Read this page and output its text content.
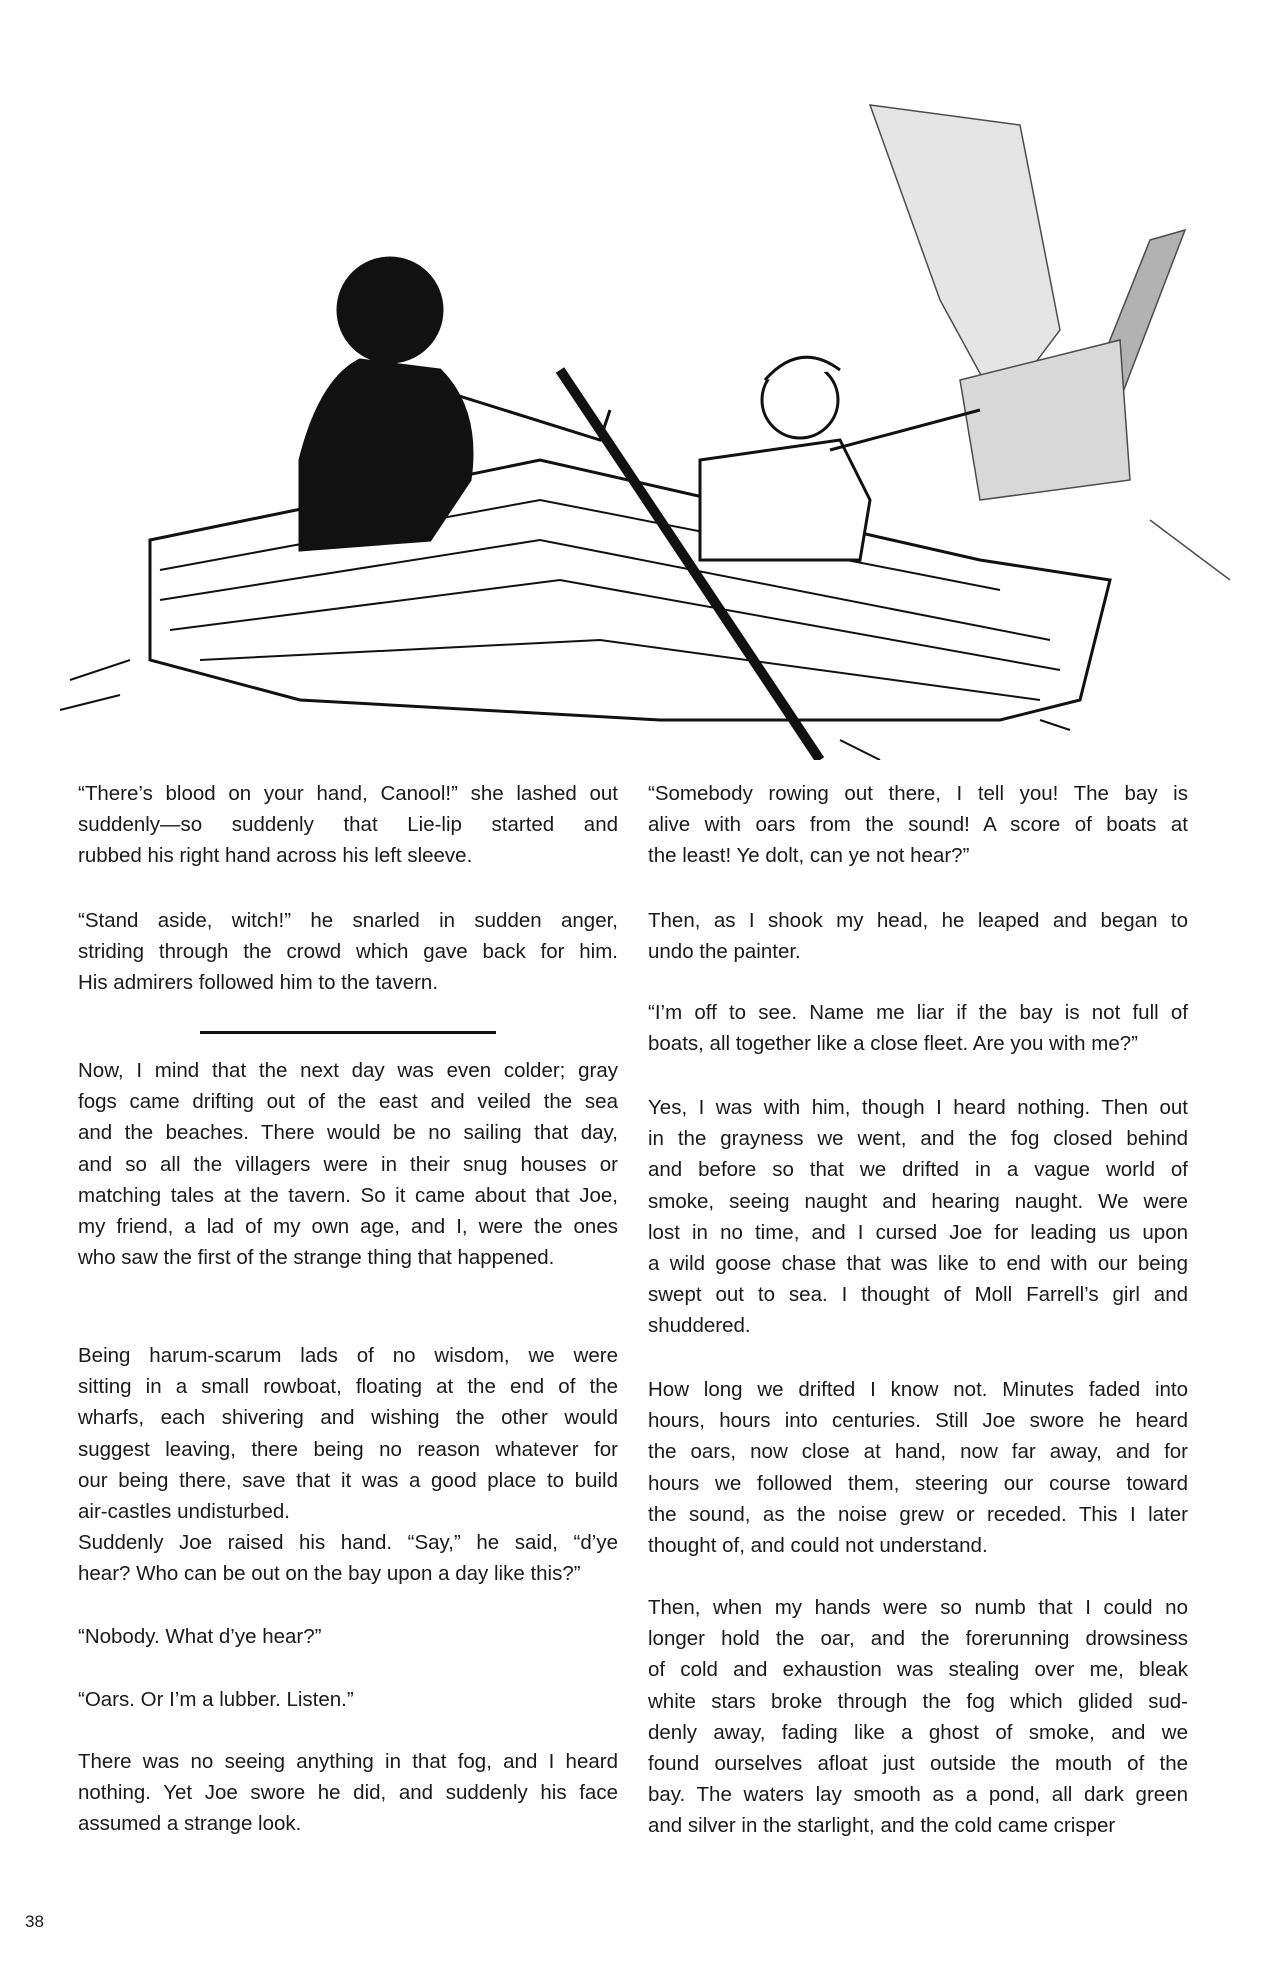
“There’s blood on your hand, Canool!” she lashed out
suddenly—so suddenly that Lie-lip started and
rubbed his right hand across his left sleeve.
“Stand aside, witch!” he snarled in sudden anger,
striding through the crowd which gave back for him.
His admirers followed him to the tavern.
Now, I mind that the next day was even colder; gray
fogs came drifting out of the east and veiled the sea
and the beaches. There would be no sailing that day,
and so all the villagers were in their snug houses or
matching tales at the tavern. So it came about that Joe,
my friend, a lad of my own age, and I, were the ones
who saw the first of the strange thing that happened.
Being harum-scarum lads of no wisdom, we were
sitting in a small rowboat, floating at the end of the
wharfs, each shivering and wishing the other would
suggest leaving, there being no reason whatever for
our being there, save that it was a good place to build
air-castles undisturbed.
Suddenly Joe raised his hand. “Say,” he said, “d’ye
hear? Who can be out on the bay upon a day like this?”
“Nobody. What d’ye hear?”
“Oars. Or I’m a lubber. Listen.”
There was no seeing anything in that fog, and I heard
nothing. Yet Joe swore he did, and suddenly his face
assumed a strange look.
“Somebody rowing out there, I tell you! The bay is
alive with oars from the sound! A score of boats at
the least! Ye dolt, can ye not hear?”
Then, as I shook my head, he leaped and began to
undo the painter.
“I’m off to see. Name me liar if the bay is not full of
boats, all together like a close fleet. Are you with me?”
Yes, I was with him, though I heard nothing. Then out
in the grayness we went, and the fog closed behind
and before so that we drifted in a vague world of
smoke, seeing naught and hearing naught. We were
lost in no time, and I cursed Joe for leading us upon
a wild goose chase that was like to end with our being
swept out to sea. I thought of Moll Farrell’s girl and
shuddered.
How long we drifted I know not. Minutes faded into
hours, hours into centuries. Still Joe swore he heard
the oars, now close at hand, now far away, and for
hours we followed them, steering our course toward
the sound, as the noise grew or receded. This I later
thought of, and could not understand.
Then, when my hands were so numb that I could no
longer hold the oar, and the forerunning drowsiness
of cold and exhaustion was stealing over me, bleak
white stars broke through the fog which glided sud-
denly away, fading like a ghost of smoke, and we
found ourselves afloat just outside the mouth of the
bay. The waters lay smooth as a pond, all dark green
and silver in the starlight, and the cold came crisper
38
